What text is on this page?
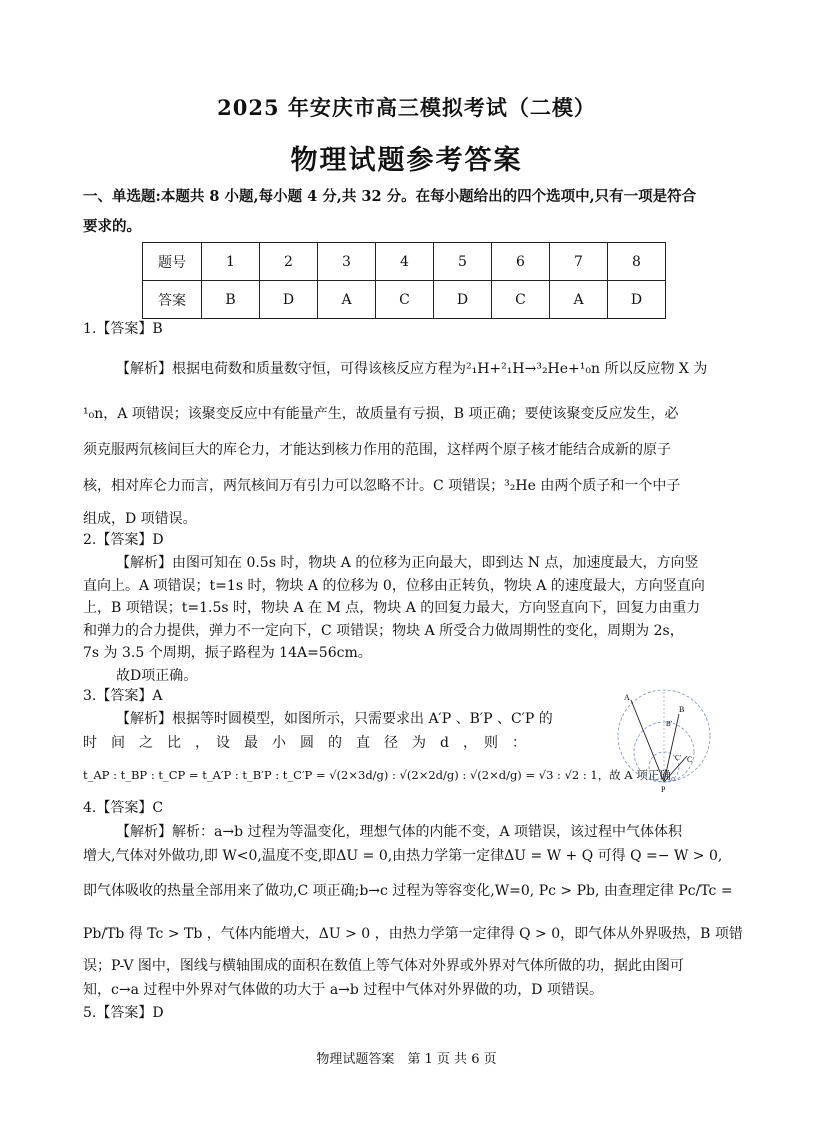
2025 年安庆市高三模拟考试（二模）
物理试题参考答案
一、单选题:本题共 8 小题,每小题 4 分,共 32 分。在每小题给出的四个选项中,只有一项是符合
要求的。
题号	1	2	3	4	5	6	7	8
答案	B	D	A	C	D	C	A	D
1.【答案】B
【解析】根据电荷数和质量数守恒，可得该核反应方程为²₁H+²₁H→³₂He+¹₀n 所以反应物 X 为
¹₀n，A 项错误；该聚变反应中有能量产生，故质量有亏损，B 项正确；要使该聚变反应发生，必
须克服两氘核间巨大的库仑力，才能达到核力作用的范围，这样两个原子核才能结合成新的原子
核，相对库仑力而言，两氘核间万有引力可以忽略不计。C 项错误；³₂He 由两个质子和一个中子
组成，D 项错误。
2.【答案】D
【解析】由图可知在 0.5s 时，物块 A 的位移为正向最大，即到达 N 点，加速度最大，方向竖
直向上。A 项错误；t=1s 时，物块 A 的位移为 0，位移由正转负，物块 A 的速度最大，方向竖直向
上，B 项错误；t=1.5s 时，物块 A 在 M 点，物块 A 的回复力最大，方向竖直向下，回复力由重力
和弹力的合力提供，弹力不一定向下，C 项错误；物块 A 所受合力做周期性的变化，周期为 2s，
7s 为 3.5 个周期，振子路程为 14A=56cm。
故D项正确。
3.【答案】A
【解析】根据等时圆模型，如图所示，只需要求出 A′P 、B′P 、C′P 的
时　间　之　比　，　设　最　小　圆　的　直　径　为　d　，　则　：
t_AP : t_BP : t_CP = t_A′P : t_B′P : t_C′P = √(2×3d/g) : √(2×2d/g) : √(2×d/g) = √3 : √2 : 1，故 A 项正确。
A
B
C
B′
C′
P
4.【答案】C
【解析】解析：a→b 过程为等温变化，理想气体的内能不变，A 项错误，该过程中气体体积
增大,气体对外做功,即 W<0,温度不变,即ΔU = 0,由热力学第一定律ΔU = W + Q 可得 Q =− W > 0,
即气体吸收的热量全部用来了做功,C 项正确;b→c 过程为等容变化,W=0, Pc > Pb, 由查理定律 Pc/Tc =
Pb/Tb 得 Tc > Tb ，气体内能增大，ΔU > 0 ，由热力学第一定律得 Q > 0，即气体从外界吸热，B 项错
误；P-V 图中，图线与横轴围成的面积在数值上等气体对外界或外界对气体所做的功，据此由图可
知，c→a 过程中外界对气体做的功大于 a→b 过程中气体对外界做的功，D 项错误。
5.【答案】D
物理试题答案　第 1 页 共 6 页
